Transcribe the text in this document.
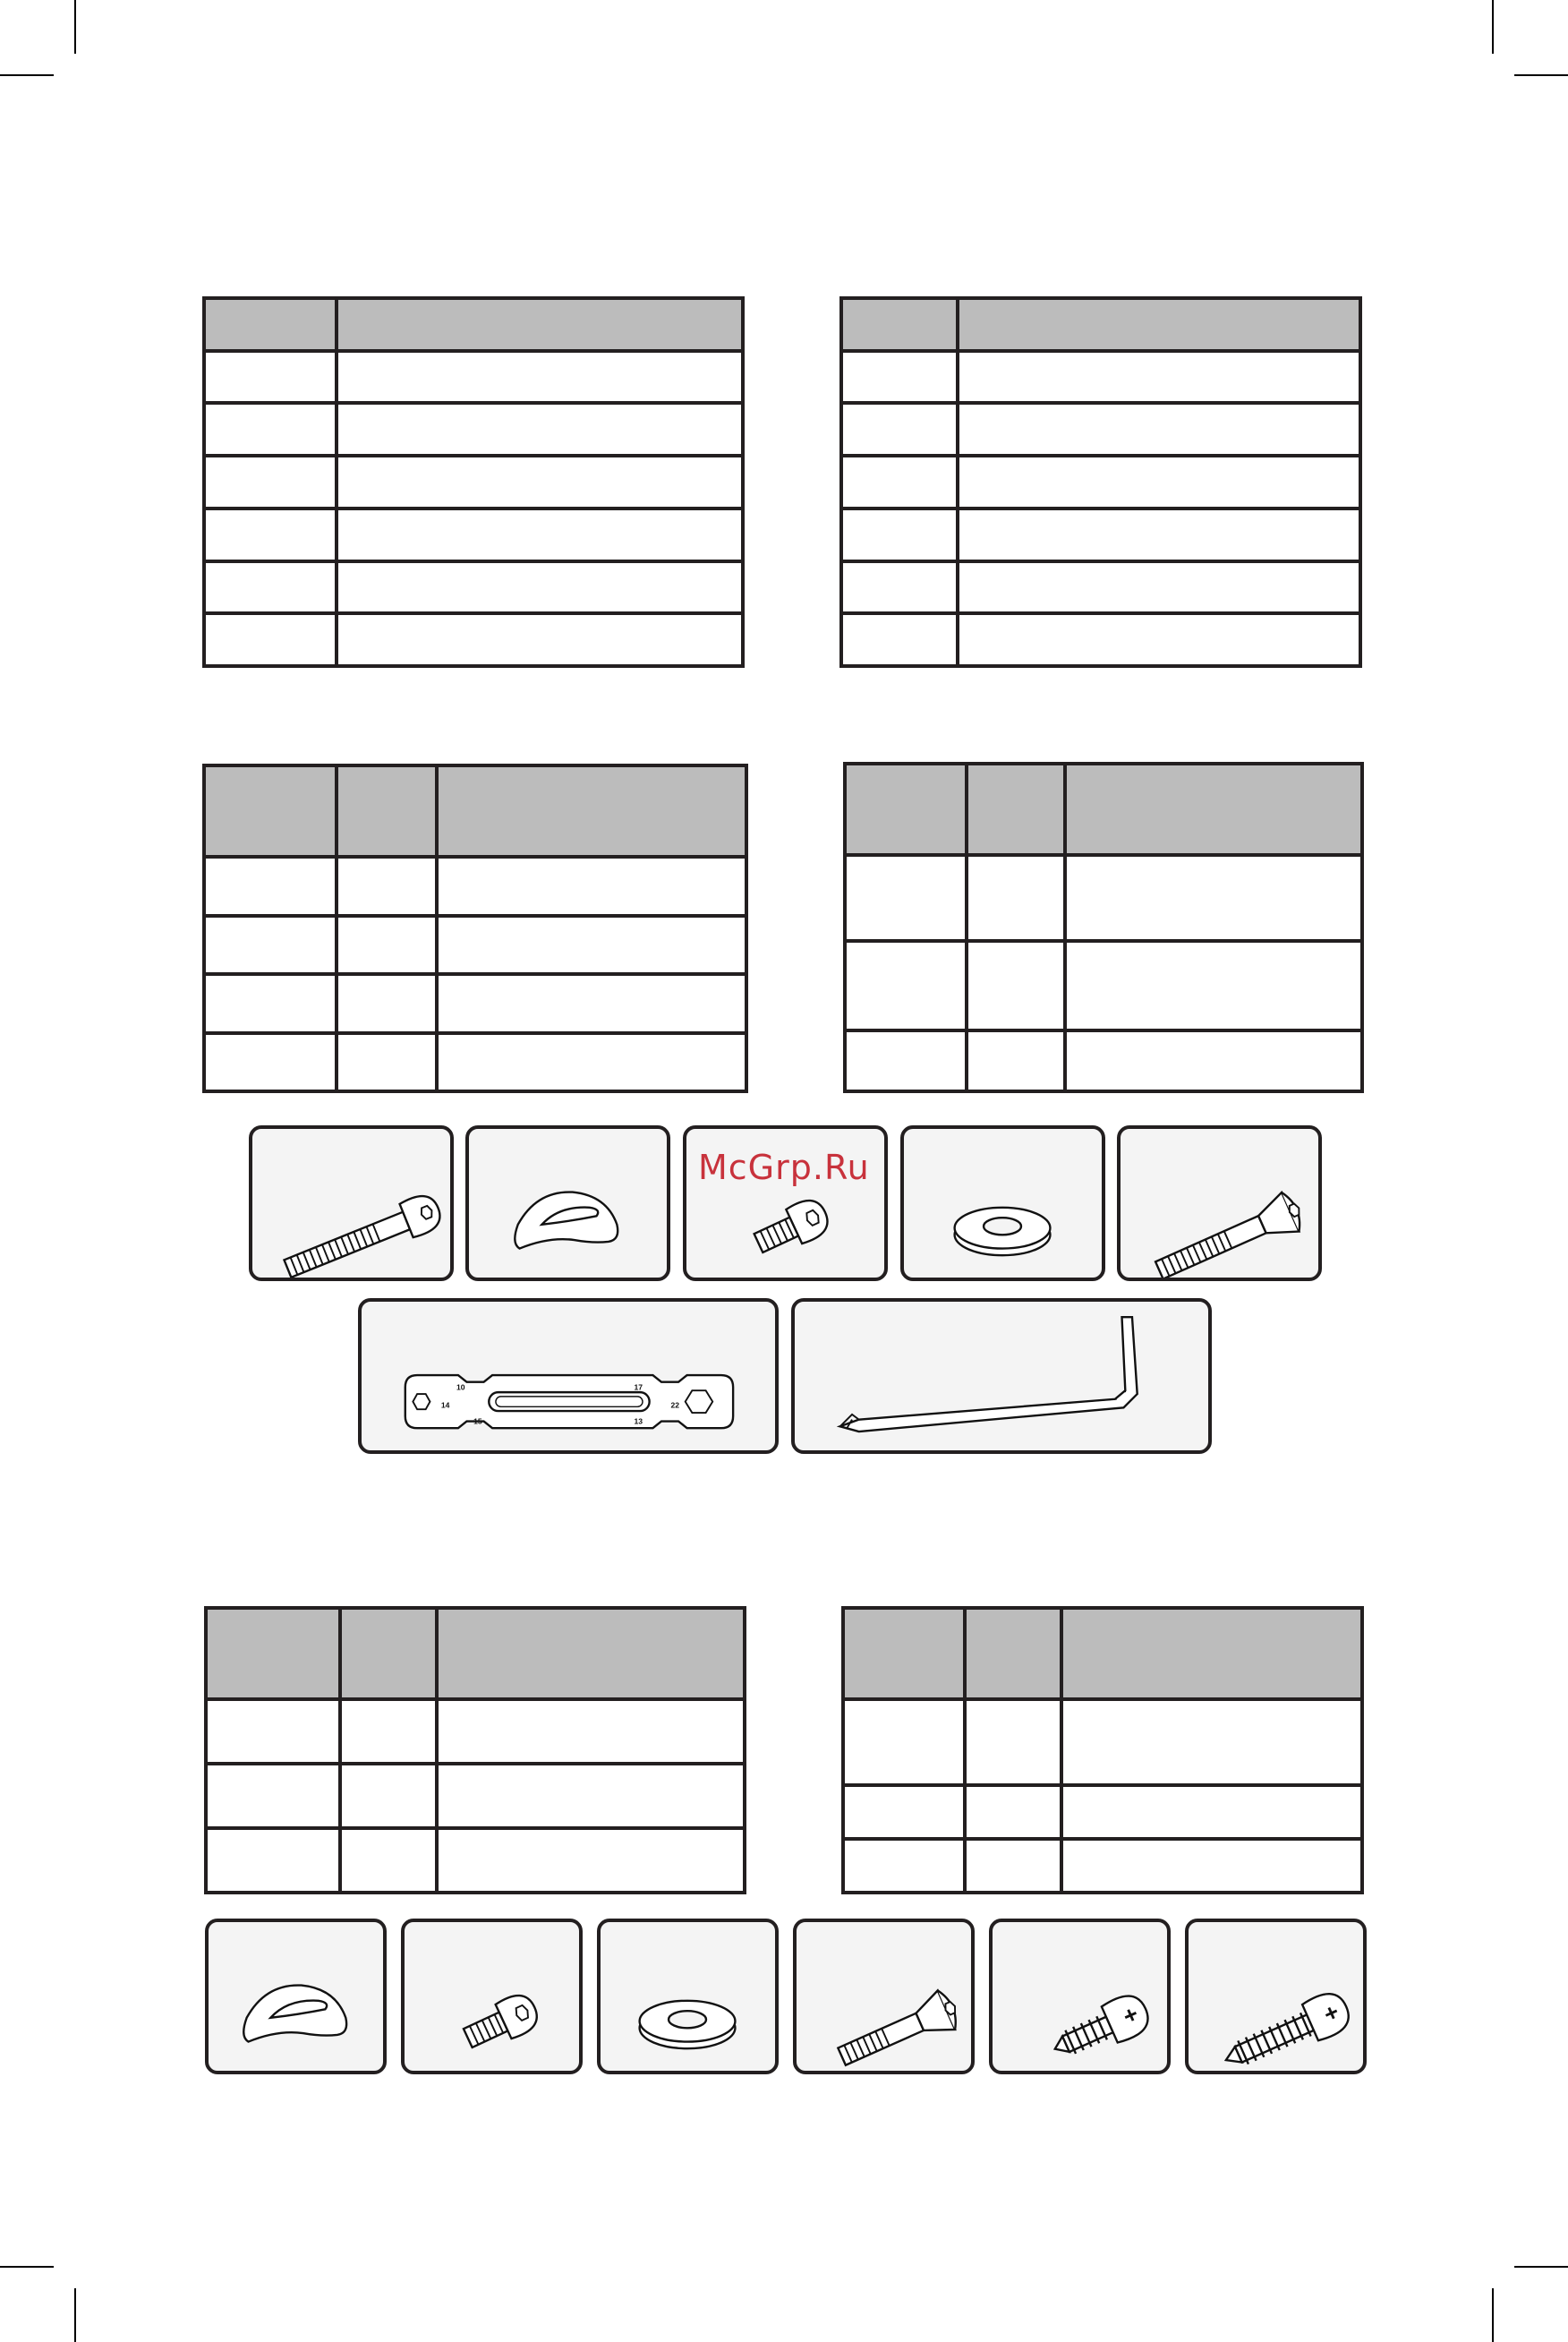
McGrp.Ru
10
14
15
17
22
13
